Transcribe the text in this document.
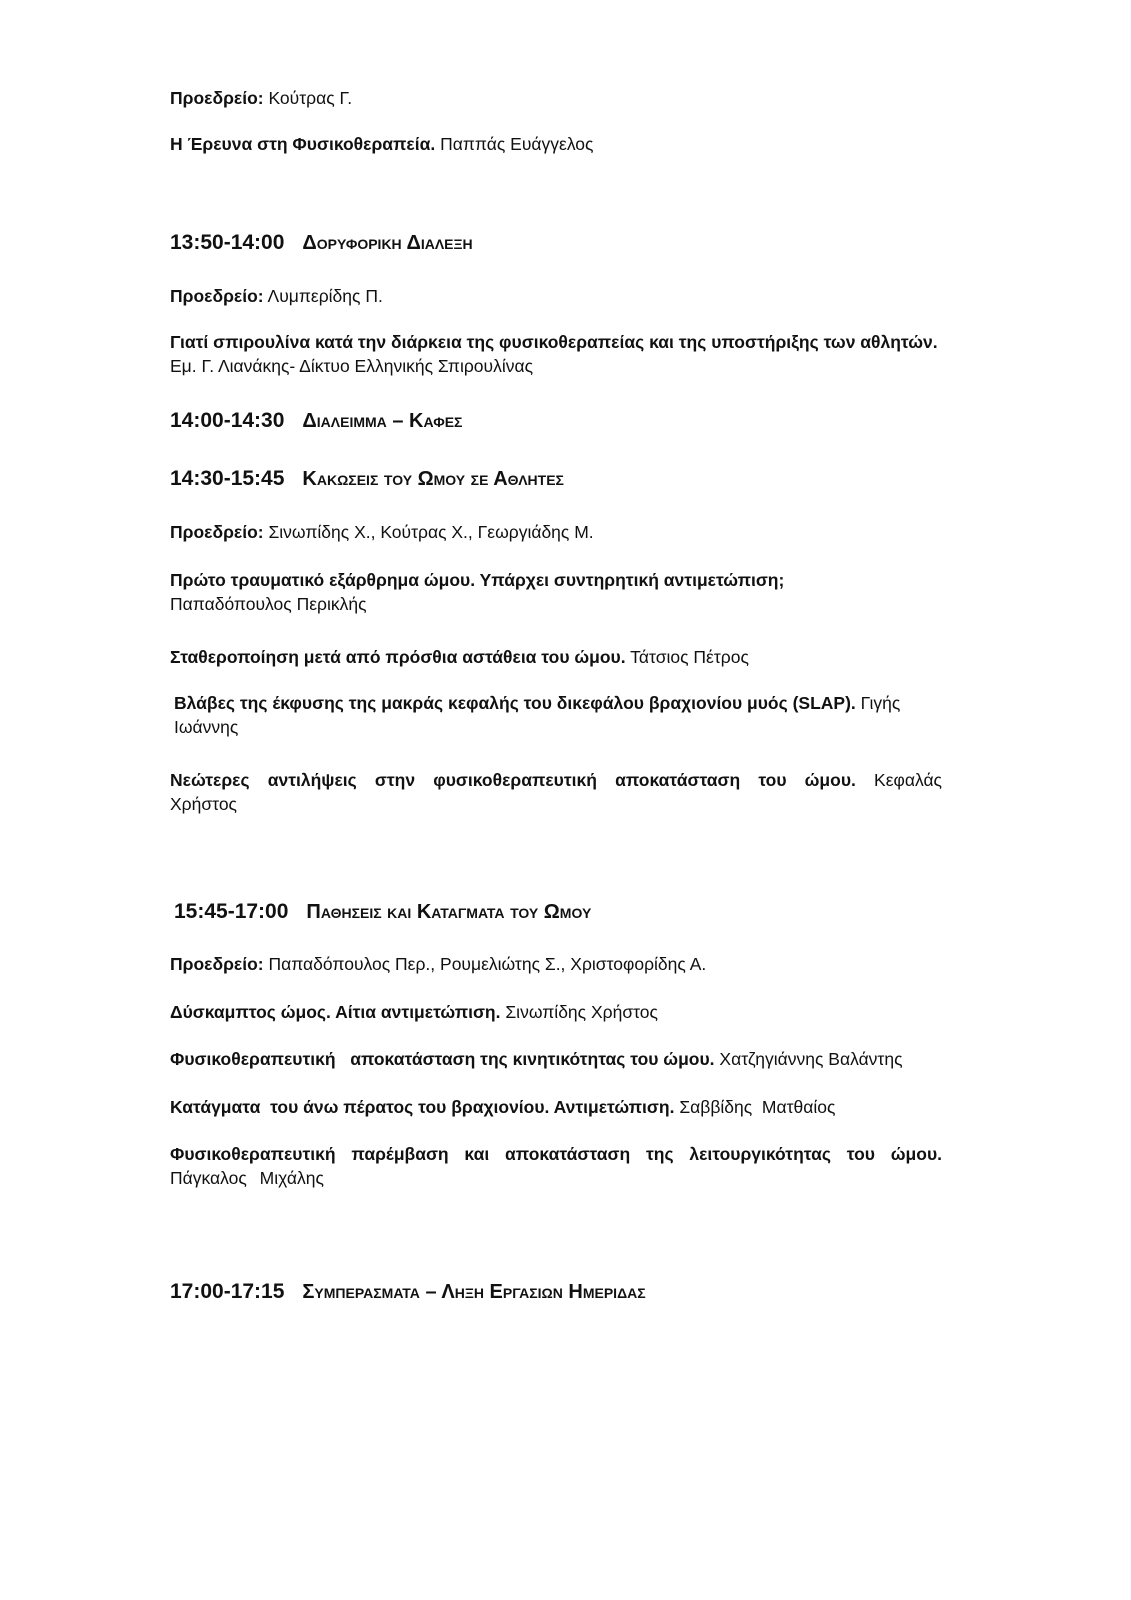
Προεδρείο: Κούτρας Γ.
Η Έρευνα στη Φυσικοθεραπεία. Παππάς Ευάγγελος
13:50-14:00 Δορυφορικη Διαλεξη
Προεδρείο: Λυμπερίδης Π.
Γιατί σπιρουλίνα κατά την διάρκεια της φυσικοθεραπείας και της υποστήριξης των αθλητών.  Εμ. Γ. Λιανάκης- Δίκτυο Ελληνικής Σπιρουλίνας
14:00-14:30 Διαλειμμα – Καφες
14:30-15:45 Κακωσεις του Ωμου σε Αθλητες
Προεδρείο: Σινωπίδης Χ., Κούτρας Χ., Γεωργιάδης Μ.
Πρώτο τραυματικό εξάρθρημα ώμου. Υπάρχει συντηρητική αντιμετώπιση; Παπαδόπουλος Περικλής
Σταθεροποίηση μετά από πρόσθια αστάθεια του ώμου. Τάτσιος Πέτρος
Βλάβες της έκφυσης της μακράς κεφαλής του δικεφάλου βραχιονίου μυός (SLAP). Γιγής Ιωάννης
Νεώτερες αντιλήψεις στην φυσικοθεραπευτική αποκατάσταση του ώμου. Κεφαλάς Χρήστος
15:45-17:00 Παθησεις και Καταγματα του Ωμου
Προεδρείο: Παπαδόπουλος Περ., Ρουμελιώτης Σ., Χριστοφορίδης Α.
Δύσκαμπτος ώμος. Αίτια αντιμετώπιση. Σινωπίδης Χρήστος
Φυσικοθεραπευτική   αποκατάσταση της κινητικότητας του ώμου. Χατζηγιάννης Βαλάντης
Κατάγματα  του άνω πέρατος του βραχιονίου. Αντιμετώπιση. Σαββίδης  Ματθαίος
Φυσικοθεραπευτική παρέμβαση και αποκατάσταση της λειτουργικότητας του ώμου. Πάγκαλος Μιχάλης
17:00-17:15 Συμπερασματα – Ληξη Εργασιων Ημεριδας
